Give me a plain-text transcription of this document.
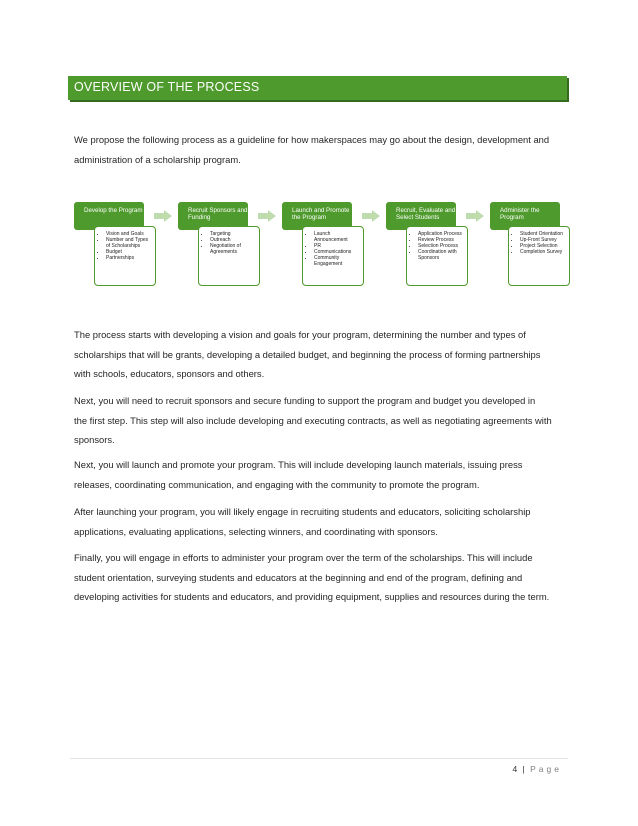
OVERVIEW OF THE PROCESS

We propose the following process as a guideline for how makerspaces may go about the design, development and
administration of a scholarship program.

Develop the Program
• Vision and Goals
• Number and Types of Scholarships
• Budget
• Partnerships
Recruit Sponsors and Funding
• Targeting
• Outreach
• Negotiation of Agreements
Launch and Promote the Program
• Launch Announcement
• PR
• Communications
• Community Engagement
Recruit, Evaluate and Select Students
• Application Process
• Review Process
• Selection Process
• Coordination with Sponsors
Administer the Program
• Student Orientation
• Up-Front Survey
• Project Selection
• Completion Survey

The process starts with developing a vision and goals for your program, determining the number and types of
scholarships that will be grants, developing a detailed budget, and beginning the process of forming partnerships
with schools, educators, sponsors and others.

Next, you will need to recruit sponsors and secure funding to support the program and budget you developed in
the first step. This step will also include developing and executing contracts, as well as negotiating agreements with
sponsors.

Next, you will launch and promote your program. This will include developing launch materials, issuing press
releases, coordinating communication, and engaging with the community to promote the program.

After launching your program, you will likely engage in recruiting students and educators, soliciting scholarship
applications, evaluating applications, selecting winners, and coordinating with sponsors.

Finally, you will engage in efforts to administer your program over the term of the scholarships. This will include
student orientation, surveying students and educators at the beginning and end of the program, defining and
developing activities for students and educators, and providing equipment, supplies and resources during the term.

4 | Page
